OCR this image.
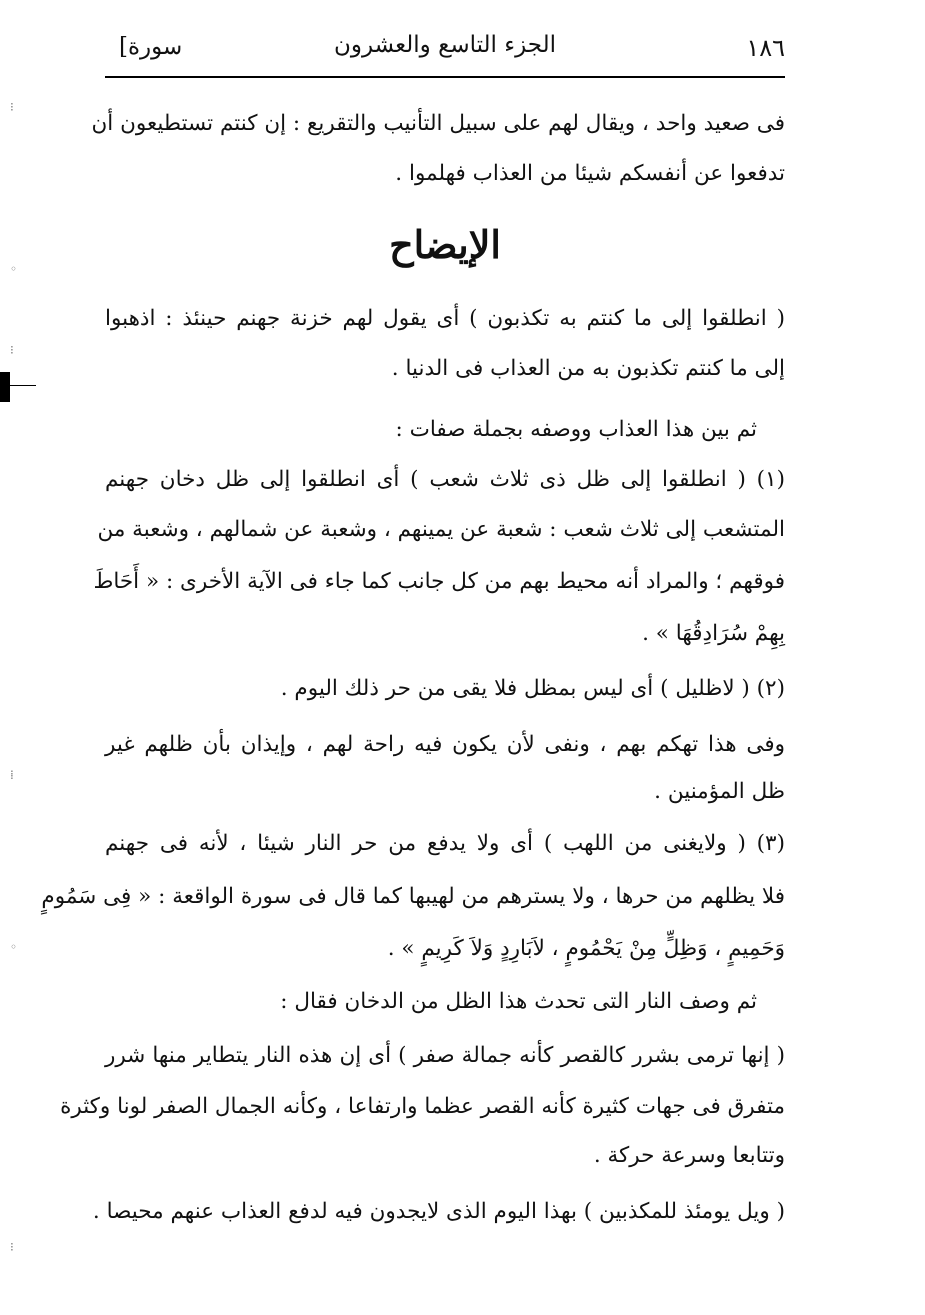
١٨٦
الجزء التاسع والعشرون
[سورة
الإيضاح
فى صعيد واحد ، ويقال لهم على سبيل التأنيب والتقريع : إن كنتم تستطيعون أن
تدفعوا عن أنفسكم شيئا من العذاب فهلموا .
( انطلقوا إلى ما كنتم به تكذبون ) أى يقول لهم خزنة جهنم حينئذ : اذهبوا
إلى ما كنتم تكذبون به من العذاب فى الدنيا .
ثم بين هذا العذاب ووصفه بجملة صفات :
(١) ( انطلقوا إلى ظل ذى ثلاث شعب ) أى انطلقوا إلى ظل دخان جهنم
المتشعب إلى ثلاث شعب : شعبة عن يمينهم ، وشعبة عن شمالهم ، وشعبة من
فوقهم ؛ والمراد أنه محيط بهم من كل جانب كما جاء فى الآية الأخرى : « أَحَاطَ
بِهِمْ سُرَادِقُهَا » .
(٢) ( لاظليل ) أى ليس بمظل فلا يقى من حر ذلك اليوم .
وفى هذا تهكم بهم ، ونفى لأن يكون فيه راحة لهم ، وإيذان بأن ظلهم غير
ظل المؤمنين .
(٣) ( ولايغنى من اللهب ) أى ولا يدفع من حر النار شيئا ، لأنه فى جهنم
فلا يظلهم من حرها ، ولا يسترهم من لهيبها كما قال فى سورة الواقعة : « فِى سَمُومٍ
وَحَمِيمٍ ، وَظِلٍّ مِنْ يَحْمُومٍ ، لاَبَارِدٍ وَلاَ كَرِيمٍ » .
ثم وصف النار التى تحدث هذا الظل من الدخان فقال :
( إنها ترمى بشرر كالقصر كأنه جمالة صفر ) أى إن هذه النار يتطاير منها شرر
متفرق فى جهات كثيرة كأنه القصر عظما وارتفاعا ، وكأنه الجمال الصفر لونا وكثرة
وتتابعا وسرعة حركة .
( ويل يومئذ للمكذبين ) بهذا اليوم الذى لايجدون فيه لدفع العذاب عنهم محيصا .
⁝
◦
⁝
⁞
◦
⁝
